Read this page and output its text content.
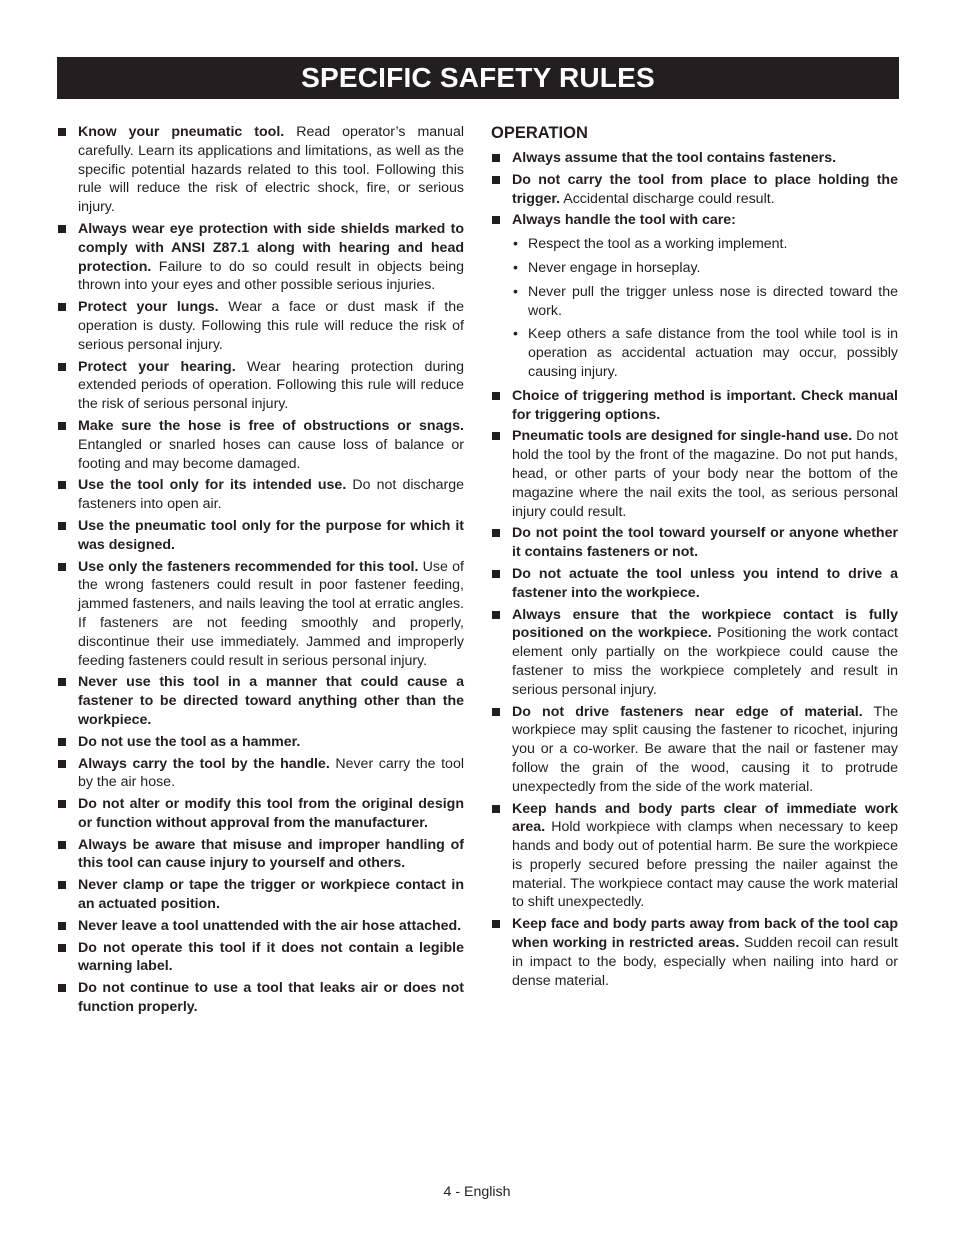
SPECIFIC SAFETY RULES
Know your pneumatic tool. Read operator’s manual carefully. Learn its applications and limitations, as well as the specific potential hazards related to this tool. Following this rule will reduce the risk of electric shock, fire, or serious injury.
Always wear eye protection with side shields marked to comply with ANSI Z87.1 along with hearing and head protection. Failure to do so could result in objects being thrown into your eyes and other possible serious injuries.
Protect your lungs. Wear a face or dust mask if the operation is dusty. Following this rule will reduce the risk of serious personal injury.
Protect your hearing. Wear hearing protection during extended periods of operation. Following this rule will reduce the risk of serious personal injury.
Make sure the hose is free of obstructions or snags. Entangled or snarled hoses can cause loss of balance or footing and may become damaged.
Use the tool only for its intended use. Do not discharge fasteners into open air.
Use the pneumatic tool only for the purpose for which it was designed.
Use only the fasteners recommended for this tool. Use of the wrong fasteners could result in poor fastener feeding, jammed fasteners, and nails leaving the tool at erratic angles. If fasteners are not feeding smoothly and properly, discontinue their use immediately. Jammed and improperly feeding fasteners could result in serious personal injury.
Never use this tool in a manner that could cause a fastener to be directed toward anything other than the workpiece.
Do not use the tool as a hammer.
Always carry the tool by the handle. Never carry the tool by the air hose.
Do not alter or modify this tool from the original design or function without approval from the manufacturer.
Always be aware that misuse and improper handling of this tool can cause injury to yourself and others.
Never clamp or tape the trigger or workpiece contact in an actuated position.
Never leave a tool unattended with the air hose attached.
Do not operate this tool if it does not contain a legible warning label.
Do not continue to use a tool that leaks air or does not function properly.
OPERATION
Always assume that the tool contains fasteners.
Do not carry the tool from place to place holding the trigger. Accidental discharge could result.
Always handle the tool with care:
• Respect the tool as a working implement.
• Never engage in horseplay.
• Never pull the trigger unless nose is directed toward the work.
• Keep others a safe distance from the tool while tool is in operation as accidental actuation may occur, possibly causing injury.
Choice of triggering method is important. Check manual for triggering options.
Pneumatic tools are designed for single-hand use. Do not hold the tool by the front of the magazine. Do not put hands, head, or other parts of your body near the bottom of the magazine where the nail exits the tool, as serious personal injury could result.
Do not point the tool toward yourself or anyone whether it contains fasteners or not.
Do not actuate the tool unless you intend to drive a fastener into the workpiece.
Always ensure that the workpiece contact is fully positioned on the workpiece. Positioning the work contact element only partially on the workpiece could cause the fastener to miss the workpiece completely and result in serious personal injury.
Do not drive fasteners near edge of material. The workpiece may split causing the fastener to ricochet, injuring you or a co-worker. Be aware that the nail or fastener may follow the grain of the wood, causing it to protrude unexpectedly from the side of the work material.
Keep hands and body parts clear of immediate work area. Hold workpiece with clamps when necessary to keep hands and body out of potential harm. Be sure the workpiece is properly secured before pressing the nailer against the material. The workpiece contact may cause the work material to shift unexpectedly.
Keep face and body parts away from back of the tool cap when working in restricted areas. Sudden recoil can result in impact to the body, especially when nailing into hard or dense material.
4 - English
